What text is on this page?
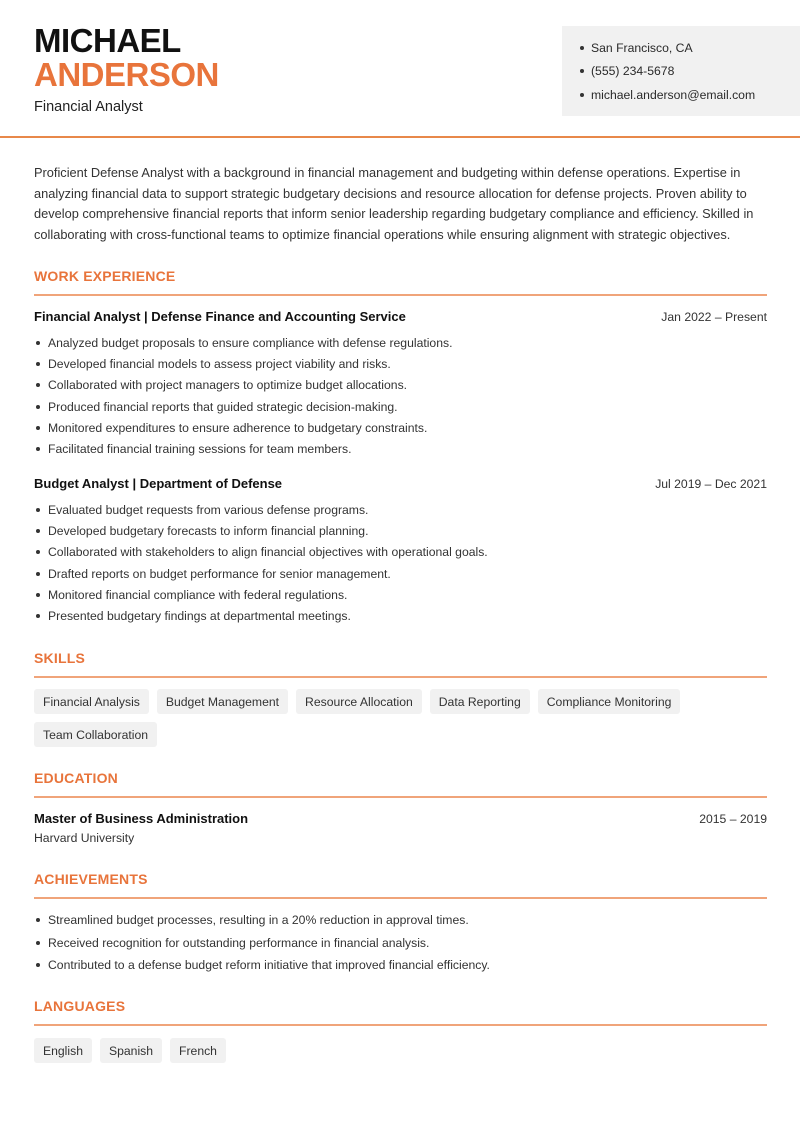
MICHAEL
ANDERSON
Financial Analyst
San Francisco, CA
(555) 234-5678
michael.anderson@email.com

Proficient Defense Analyst with a background in financial management and budgeting within defense operations. Expertise in analyzing financial data to support strategic budgetary decisions and resource allocation for defense projects. Proven ability to develop comprehensive financial reports that inform senior leadership regarding budgetary compliance and efficiency. Skilled in collaborating with cross-functional teams to optimize financial operations while ensuring alignment with strategic objectives.

WORK EXPERIENCE
Financial Analyst | Defense Finance and Accounting Service	Jan 2022 – Present
Analyzed budget proposals to ensure compliance with defense regulations.
Developed financial models to assess project viability and risks.
Collaborated with project managers to optimize budget allocations.
Produced financial reports that guided strategic decision-making.
Monitored expenditures to ensure adherence to budgetary constraints.
Facilitated financial training sessions for team members.
Budget Analyst | Department of Defense	Jul 2019 – Dec 2021
Evaluated budget requests from various defense programs.
Developed budgetary forecasts to inform financial planning.
Collaborated with stakeholders to align financial objectives with operational goals.
Drafted reports on budget performance for senior management.
Monitored financial compliance with federal regulations.
Presented budgetary findings at departmental meetings.
SKILLS
Financial Analysis	Budget Management	Resource Allocation	Data Reporting	Compliance Monitoring
Team Collaboration
EDUCATION
Master of Business Administration	2015 – 2019
Harvard University
ACHIEVEMENTS
Streamlined budget processes, resulting in a 20% reduction in approval times.
Received recognition for outstanding performance in financial analysis.
Contributed to a defense budget reform initiative that improved financial efficiency.
LANGUAGES
English	Spanish	French
